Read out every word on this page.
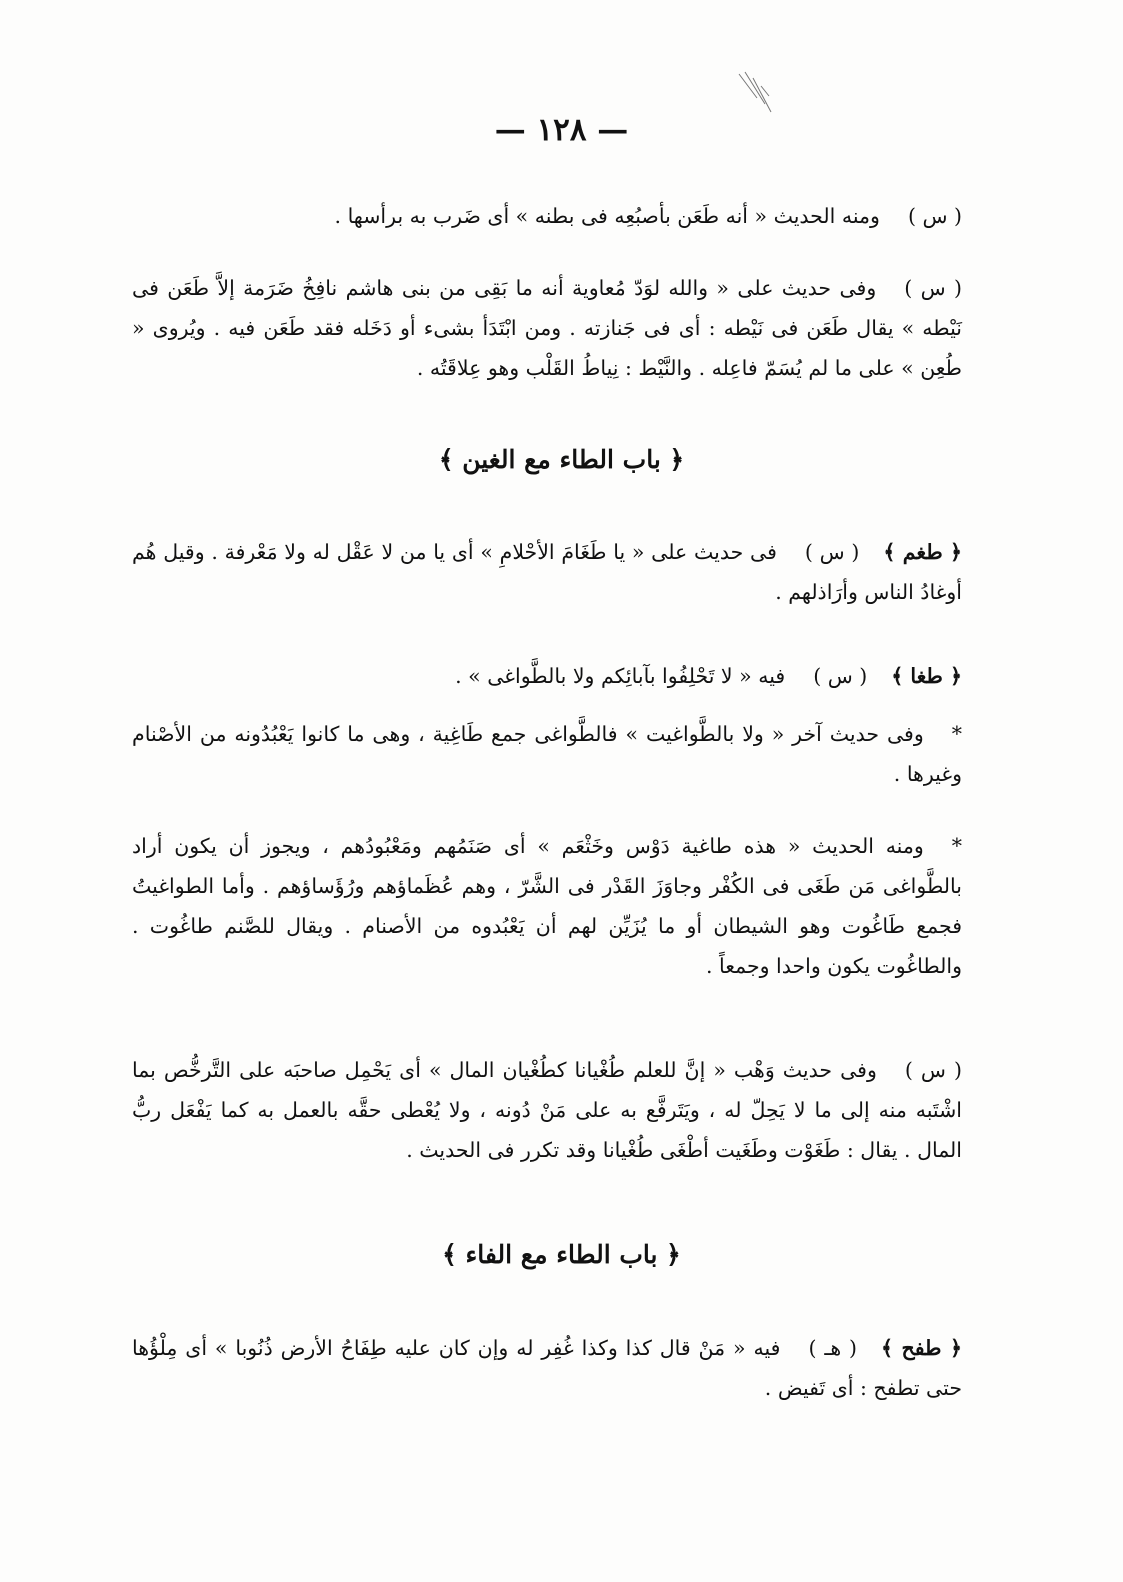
— ١٢٨ —

( س )ومنه الحديث « أنه طَعَن بأصبُعِه فى بطنه » أى ضَرب به برأسها .

( س )وفى حديث على « والله لوَدّ مُعاوية أنه ما بَقِى من بنى هاشم نافِخُ ضَرَمة إلاَّ طَعَن فى نَيْطه » يقال طَعَن فى نَيْطه : أى فى جَنازته . ومن ابْتَدَأ بشىء أو دَخَله فقد طَعَن فيه . ويُروى « طُعِن » على ما لم يُسَمّ فاعِله . والنَّيْط : نِياطُ القَلْب وهو عِلاقَتُه .

﴿ باب الطاء مع الغين ﴾

﴿ طغم ﴾( س )فى حديث على « يا طَغَامَ الأحْلامِ » أى يا من لا عَقْل له ولا مَعْرفة . وقيل هُم أوغادُ الناس وأرَاذلهم .

﴿ طغا ﴾( س )فيه « لا تَحْلِفُوا بآبائِكم ولا بالطَّواغى » .

*وفى حديث آخر « ولا بالطَّواغيت » فالطَّواغى جمع طَاغِية ، وهى ما كانوا يَعْبُدُونه من الأصْنام وغيرها .

*ومنه الحديث « هذه طاغية دَوْس وخَثْعَم » أى صَنَمُهم ومَعْبُودُهم ، ويجوز أن يكون أراد بالطَّواغى مَن طَغَى فى الكُفْر وجاوَزَ القَدْر فى الشَّرّ ، وهم عُظَماؤهم ورُؤَساؤهم . وأما الطواغيتُ فجمع طَاغُوت وهو الشيطان أو ما يُزَيِّن لهم أن يَعْبُدوه من الأصنام . ويقال للصَّنم طاغُوت . والطاغُوت يكون واحدا وجمعاً .

( س )وفى حديث وَهْب « إنَّ للعلم طُغْيانا كطُغْيان المال » أى يَحْمِل صاحبَه على التَّرخُّص بما اشْتَبه منه إلى ما لا يَحِلّ له ، ويَتَرفَّع به على مَنْ دُونه ، ولا يُعْطى حقَّه بالعمل به كما يَفْعَل ربُّ المال . يقال : طَغَوْت وطَغَيت أطْغَى طُغْيانا وقد تكرر فى الحديث .

﴿ باب الطاء مع الفاء ﴾

﴿ طفح ﴾( هـ )فيه « مَنْ قال كذا وكذا غُفِر له وإن كان عليه طِفَاحُ الأرض ذُنُوبا » أى مِلْؤُها حتى تطفح : أى تَفيض .
